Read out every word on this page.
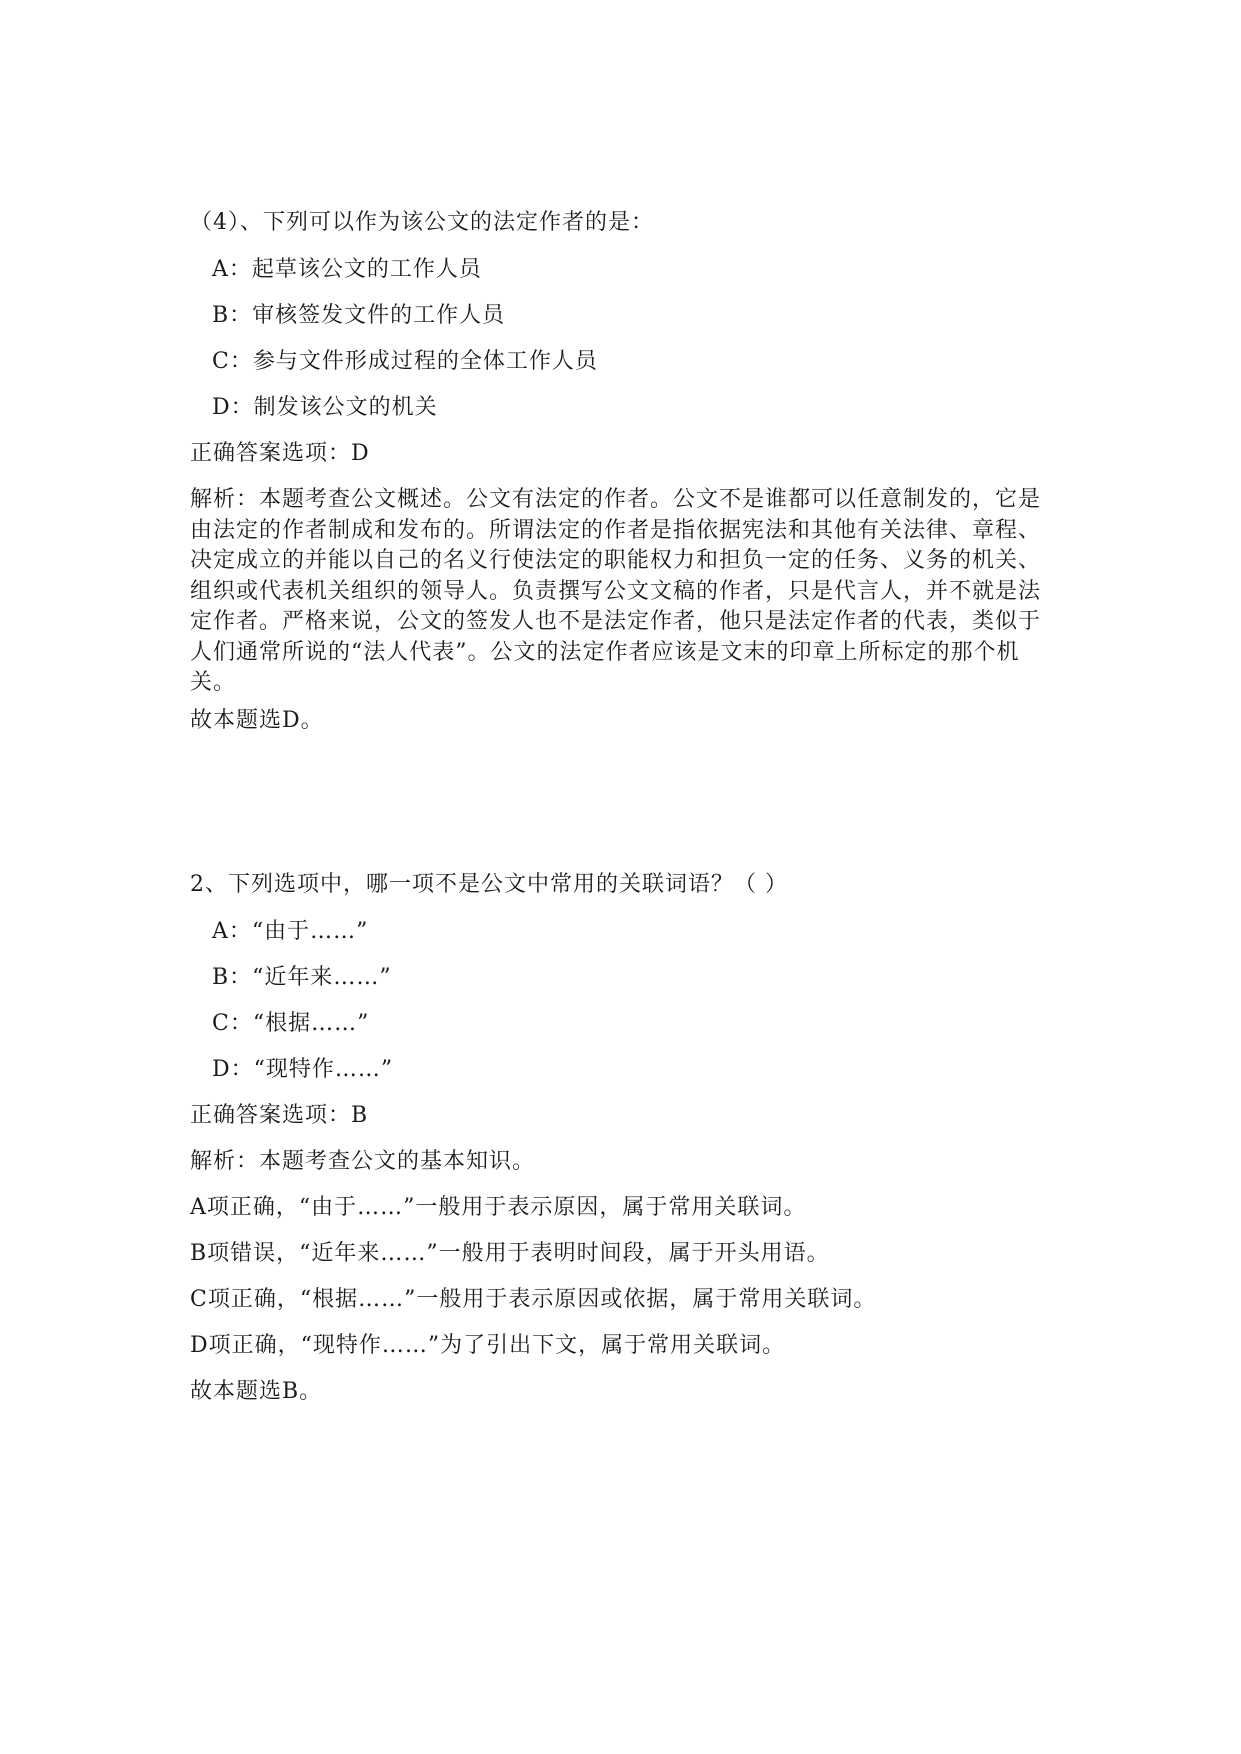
（4）、下列可以作为该公文的法定作者的是：
A：起草该公文的工作人员
B：审核签发文件的工作人员
C：参与文件形成过程的全体工作人员
D：制发该公文的机关
正确答案选项：D
解析：本题考查公文概述。公文有法定的作者。公文不是谁都可以任意制发的，它是由法定的作者制成和发布的。所谓法定的作者是指依据宪法和其他有关法律、章程、决定成立的并能以自己的名义行使法定的职能权力和担负一定的任务、义务的机关、组织或代表机关组织的领导人。负责撰写公文文稿的作者，只是代言人，并不就是法定作者。严格来说，公文的签发人也不是法定作者，他只是法定作者的代表，类似于人们通常所说的“法人代表”。公文的法定作者应该是文末的印章上所标定的那个机关。
故本题选D。
2、下列选项中，哪一项不是公文中常用的关联词语？（ ）
A：“由于……”
B：“近年来……”
C：“根据……”
D：“现特作……”
正确答案选项：B
解析：本题考查公文的基本知识。
A项正确，“由于……”一般用于表示原因，属于常用关联词。
B项错误，“近年来……”一般用于表明时间段，属于开头用语。
C项正确，“根据……”一般用于表示原因或依据，属于常用关联词。
D项正确，“现特作……”为了引出下文，属于常用关联词。
故本题选B。
